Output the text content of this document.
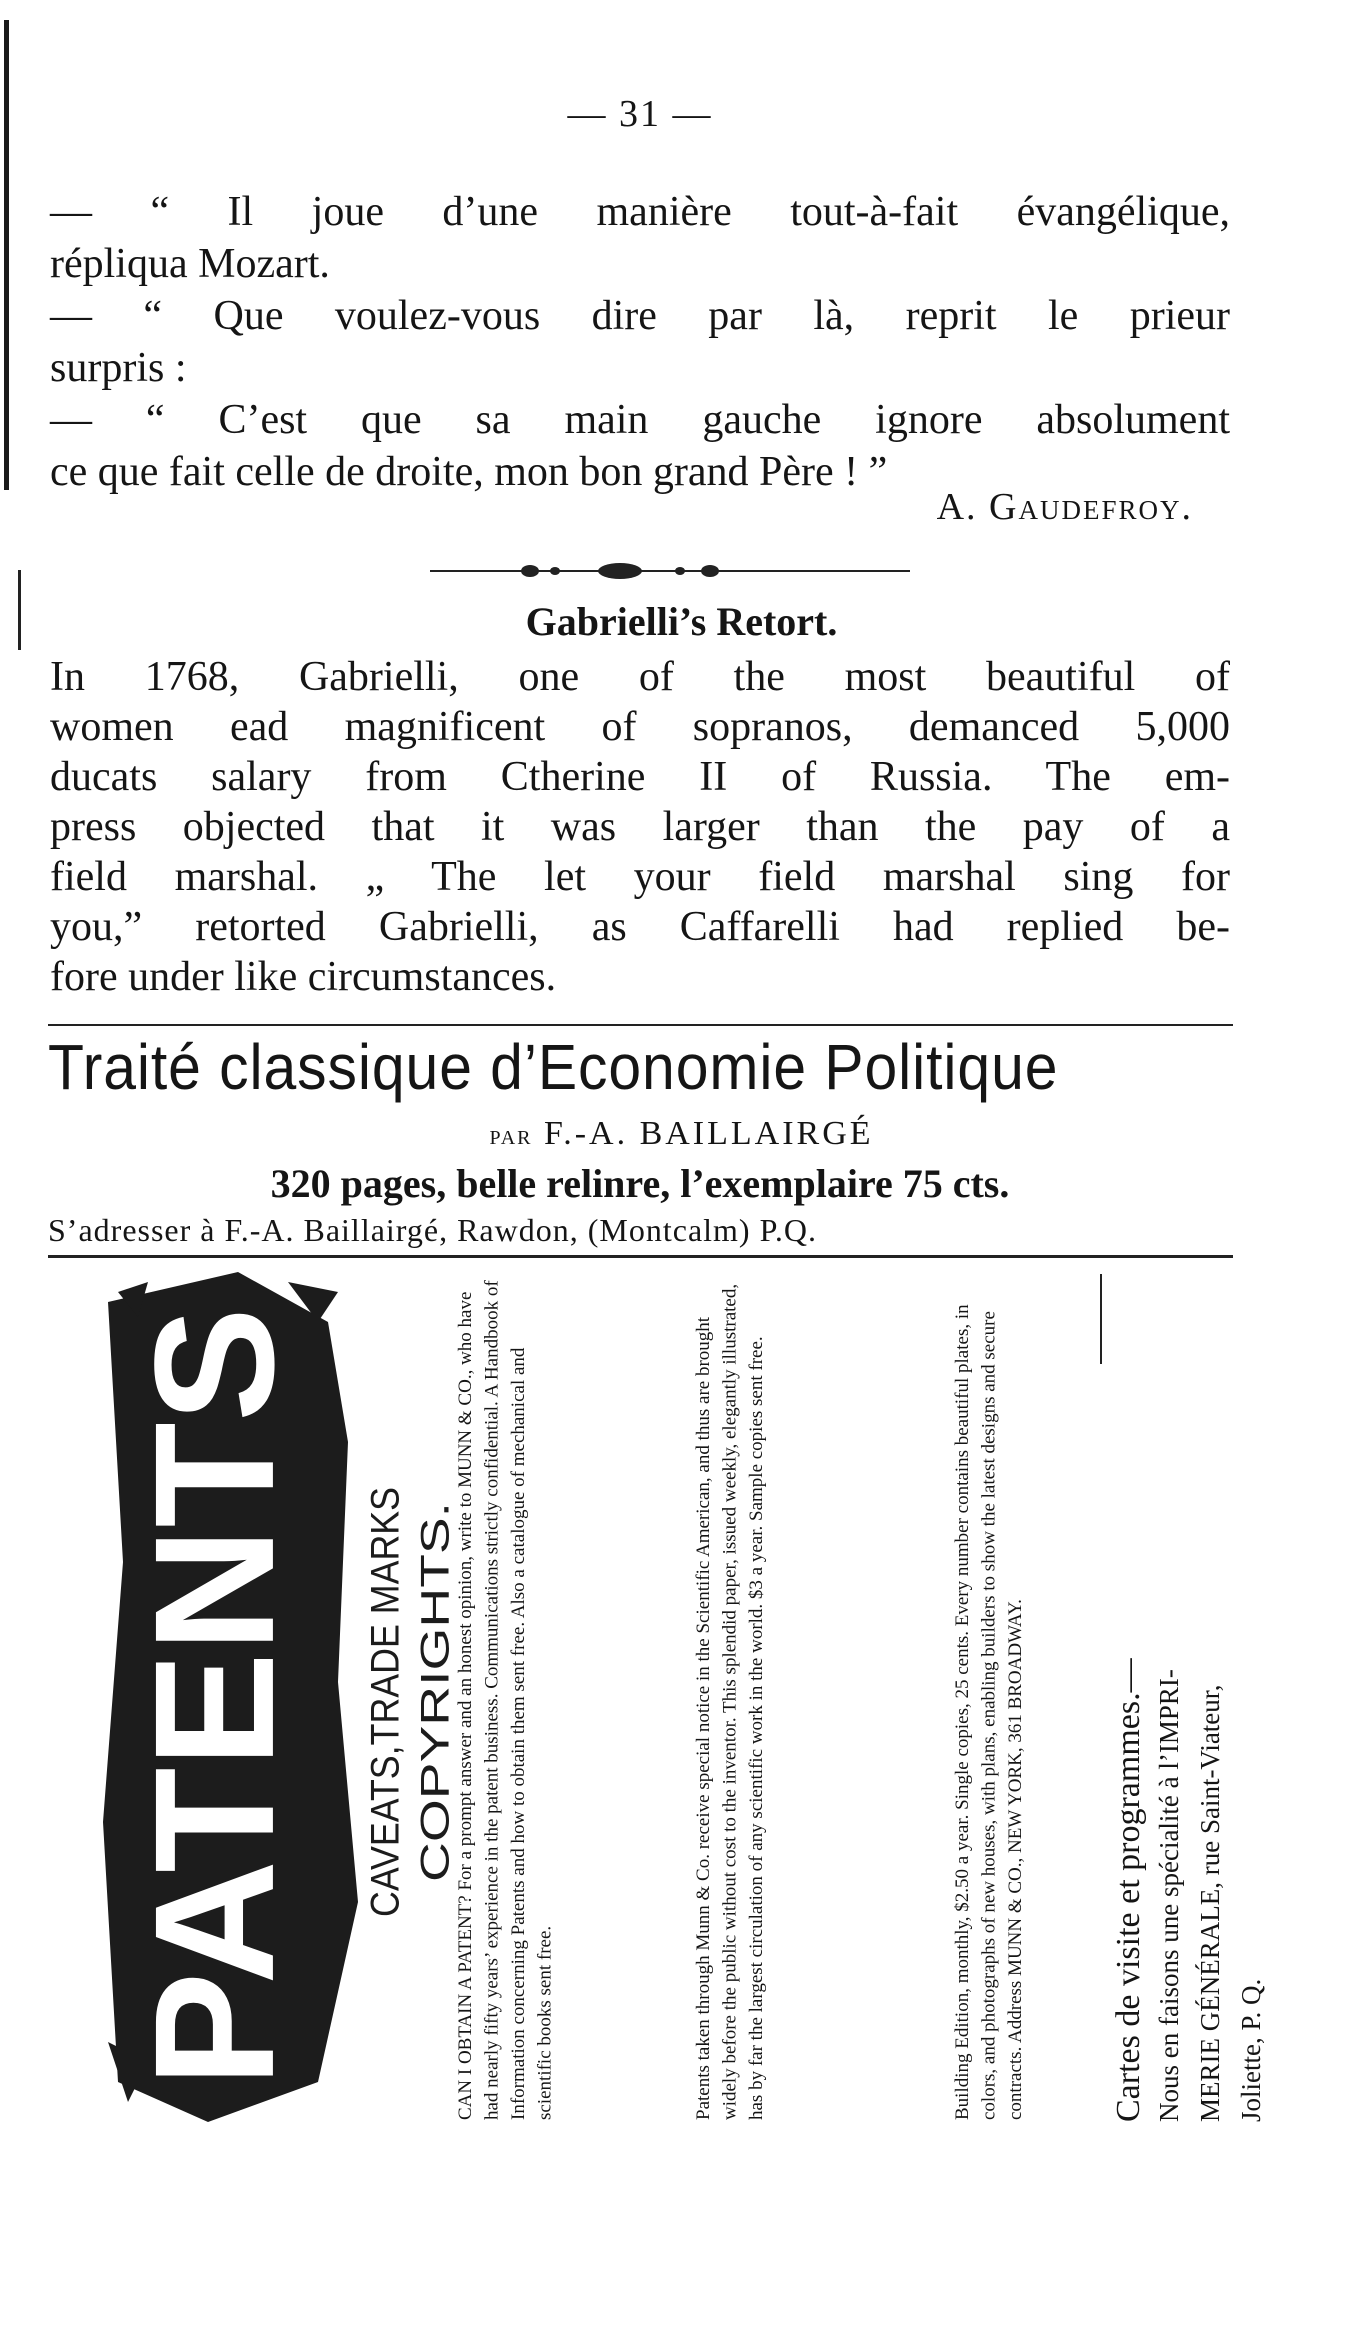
— 31 —
— “ Il joue d’une manière tout-à-fait évangélique,
répliqua Mozart.
— “ Que voulez-vous dire par là, reprit le prieur
surpris :
— “ C’est que sa main gauche ignore absolument
ce que fait celle de droite, mon bon grand Père ! ”
A. Gaudefroy.
Gabrielli’s Retort.
In 1768, Gabrielli, one of the most beautiful of
women ead magnificent of sopranos, demanced 5,000
ducats salary from Ctherine II of Russia. The em-
press objected that it was larger than the pay of a
field marshal. „ The let your field marshal sing for
you,” retorted Gabrielli, as Caffarelli had replied be-
fore under like circumstances.
Traité classique d’Economie Politique
PAR F.-A. BAILLAIRGÉ
320 pages, belle relinre, l’exemplaire 75 cts.
S’adresser à F.-A. Baillairgé, Rawdon, (Montcalm) P.Q.
PATENTS CAVEATS,TRADE MARKS COPYRIGHTS.

CAN I OBTAIN A PATENT? For a prompt answer and an honest opinion, write to MUNN & CO., who have had nearly fifty years’ experience in the patent business. Communications strictly confidential. A Handbook of Information concerning Patents and how to obtain them sent free. Also a catalogue of mechanical and scientific books sent free.	Patents taken through Munn & Co. receive special notice in the Scientific American, and thus are brought widely before the public without cost to the inventor. This splendid paper, issued weekly, elegantly illustrated, has by far the largest circulation of any scientific work in the world. $3 a year. Sample copies sent free.	Building Edition, monthly, $2.50 a year. Single copies, 25 cents. Every number contains beautiful plates, in colors, and photographs of new houses, with plans, enabling builders to show the latest designs and secure contracts. Address MUNN & CO., NEW YORK, 361 BROADWAY. Cartes de visite et programmes.— Nous en faisons une spécialité à l’IMPRI- MERIE GÉNÉRALE, rue Saint-Viateur, Joliette, P. Q.
